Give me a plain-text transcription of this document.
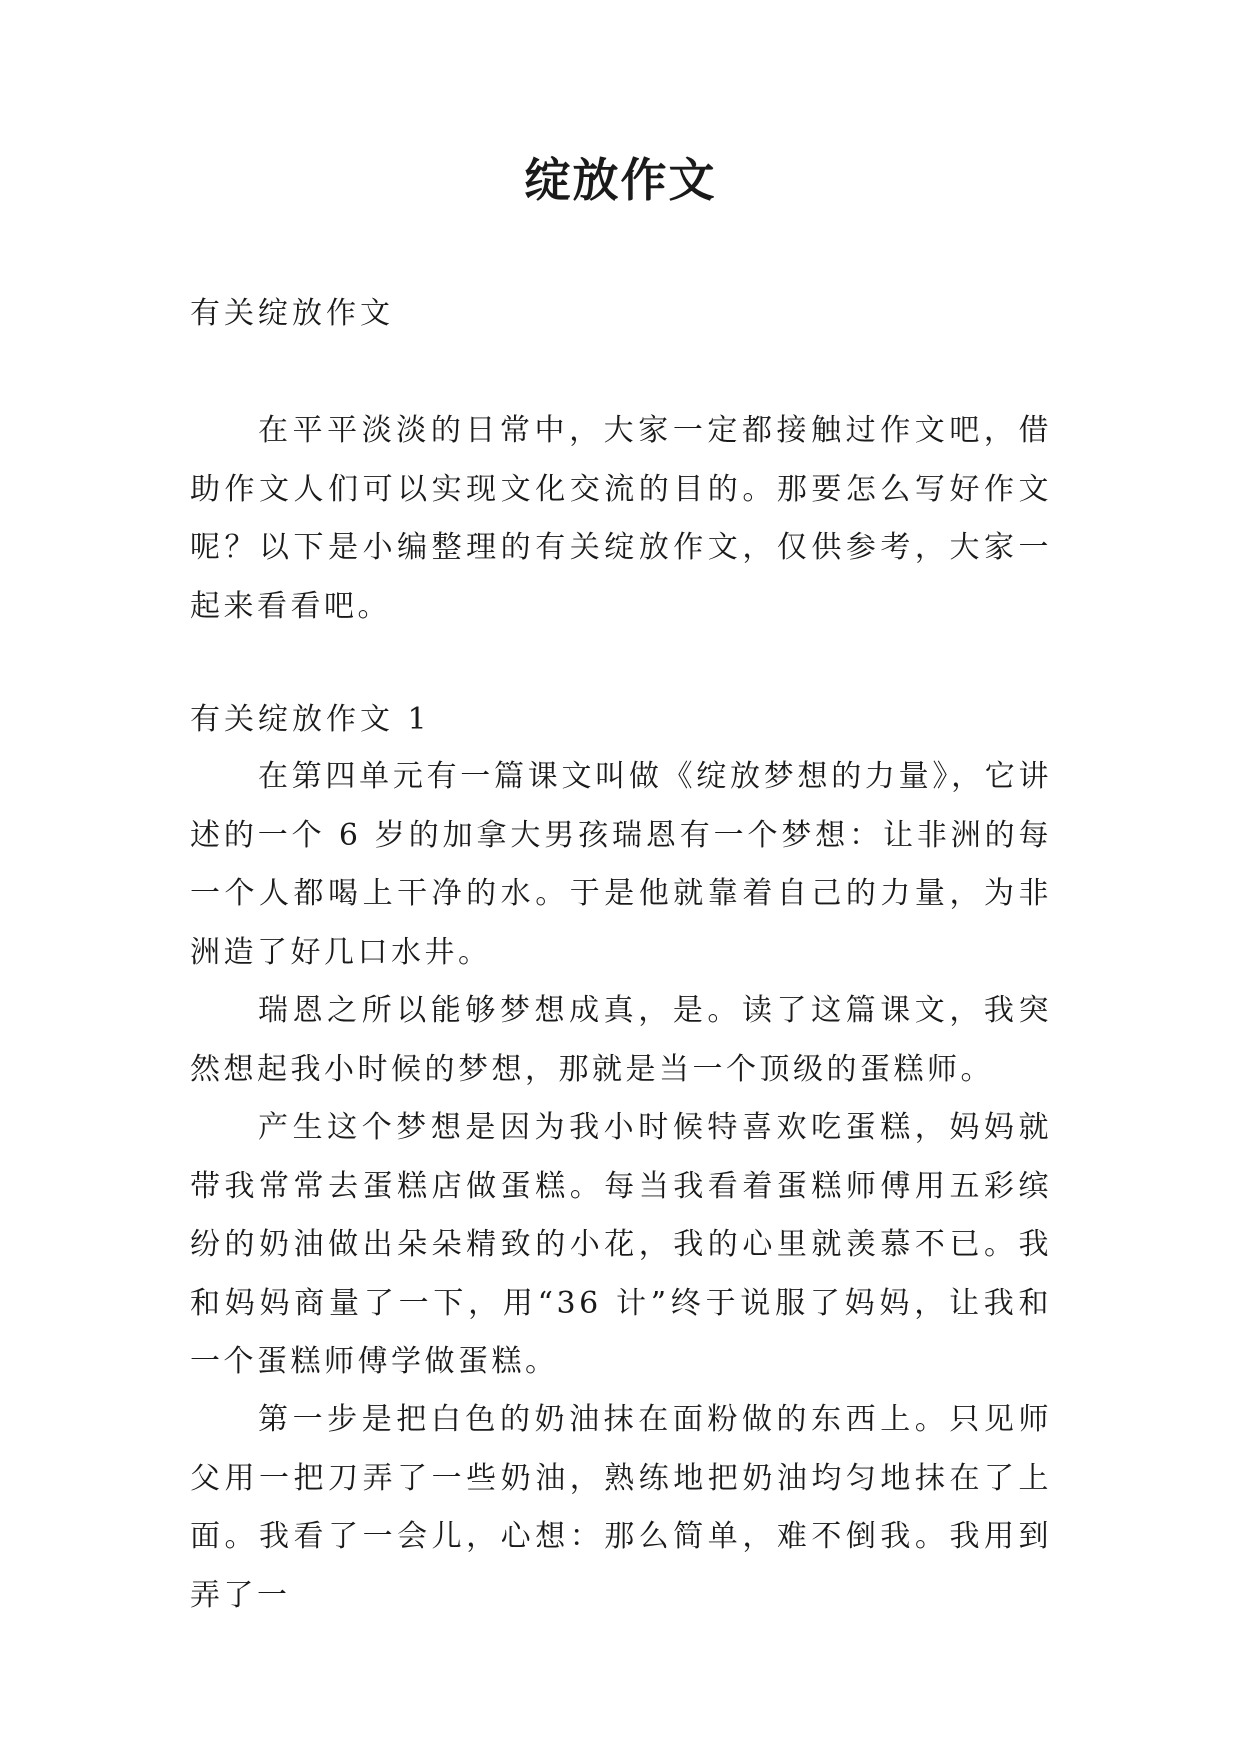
绽放作文

有关绽放作文

在平平淡淡的日常中，大家一定都接触过作文吧，借助作文人们可以实现文化交流的目的。那要怎么写好作文呢？以下是小编整理的有关绽放作文，仅供参考，大家一起来看看吧。

有关绽放作文 1

在第四单元有一篇课文叫做《绽放梦想的力量》，它讲述的一个 6 岁的加拿大男孩瑞恩有一个梦想：让非洲的每一个人都喝上干净的水。于是他就靠着自己的力量，为非洲造了好几口水井。

瑞恩之所以能够梦想成真，是。读了这篇课文，我突然想起我小时候的梦想，那就是当一个顶级的蛋糕师。

产生这个梦想是因为我小时候特喜欢吃蛋糕，妈妈就带我常常去蛋糕店做蛋糕。每当我看着蛋糕师傅用五彩缤纷的奶油做出朵朵精致的小花，我的心里就羡慕不已。我和妈妈商量了一下，用“36 计”终于说服了妈妈，让我和一个蛋糕师傅学做蛋糕。

第一步是把白色的奶油抹在面粉做的东西上。只见师父用一把刀弄了一些奶油，熟练地把奶油均匀地抹在了上面。我看了一会儿，心想：那么简单，难不倒我。我用到弄了一
